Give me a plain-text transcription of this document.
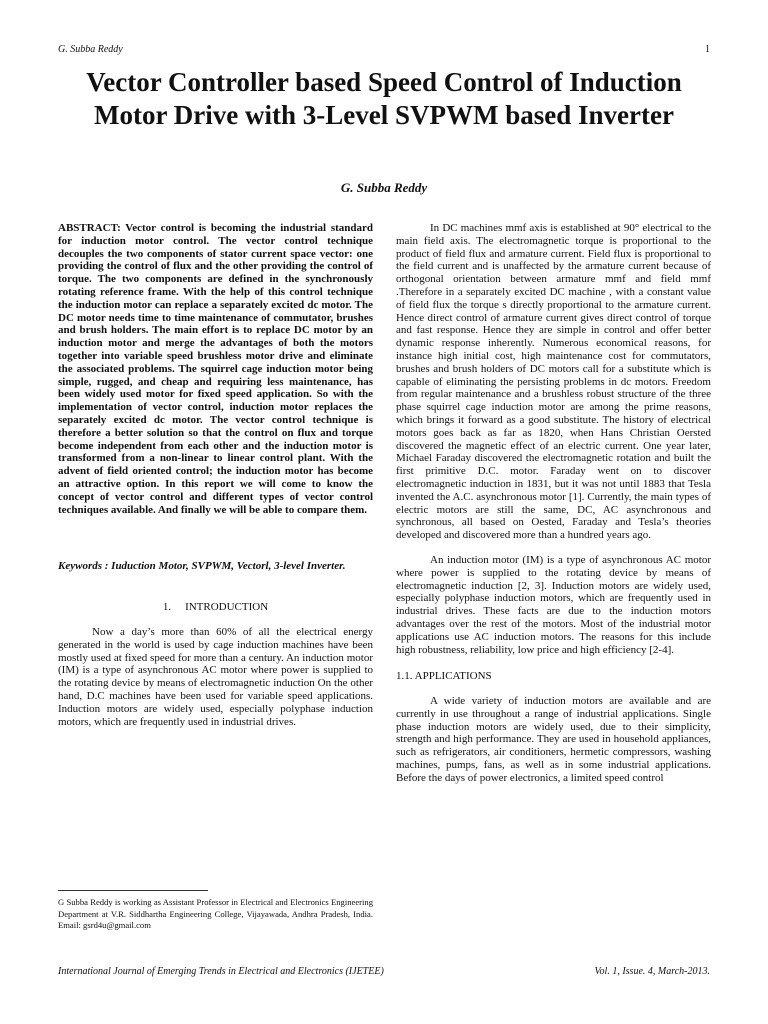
G. Subba Reddy	1
Vector Controller based Speed Control of Induction Motor Drive with 3-Level SVPWM based Inverter

G. Subba Reddy

ABSTRACT: Vector control is becoming the industrial standard for induction motor control. The vector control technique decouples the two components of stator current space vector: one providing the control of flux and the other providing the control of torque. The two components are defined in the synchronously rotating reference frame. With the help of this control technique the induction motor can replace a separately excited dc motor. The DC motor needs time to time maintenance of commutator, brushes and brush holders. The main effort is to replace DC motor by an induction motor and merge the advantages of both the motors together into variable speed brushless motor drive and eliminate the associated problems. The squirrel cage induction motor being simple, rugged, and cheap and requiring less maintenance, has been widely used motor for fixed speed application. So with the implementation of vector control, induction motor replaces the separately excited dc motor. The vector control technique is therefore a better solution so that the control on flux and torque become independent from each other and the induction motor is transformed from a non-linear to linear control plant. With the advent of field oriented control; the induction motor has become an attractive option. In this report we will come to know the concept of vector control and different types of vector control techniques available. And finally we will be able to compare them.

Keywords : Iuduction Motor, SVPWM, Vectorl, 3-level Inverter.

1. INTRODUCTION

Now a day’s more than 60% of all the electrical energy generated in the world is used by cage induction machines have been mostly used at fixed speed for more than a century. An induction motor (IM) is a type of asynchronous AC motor where power is supplied to the rotating device by means of electromagnetic induction On the other hand, D.C machines have been used for variable speed applications. Induction motors are widely used, especially polyphase induction motors, which are frequently used in industrial drives.

In DC machines mmf axis is established at 90° electrical to the main field axis. The electromagnetic torque is proportional to the product of field flux and armature current. Field flux is proportional to the field current and is unaffected by the armature current because of orthogonal orientation between armature mmf and field mmf .Therefore in a separately excited DC machine , with a constant value of field flux the torque s directly proportional to the armature current. Hence direct control of armature current gives direct control of torque and fast response. Hence they are simple in control and offer better dynamic response inherently. Numerous economical reasons, for instance high initial cost, high maintenance cost for commutators, brushes and brush holders of DC motors call for a substitute which is capable of eliminating the persisting problems in dc motors. Freedom from regular maintenance and a brushless robust structure of the three phase squirrel cage induction motor are among the prime reasons, which brings it forward as a good substitute. The history of electrical motors goes back as far as 1820, when Hans Christian Oersted discovered the magnetic effect of an electric current. One year later, Michael Faraday discovered the electromagnetic rotation and built the first primitive D.C. motor. Faraday went on to discover electromagnetic induction in 1831, but it was not until 1883 that Tesla invented the A.C. asynchronous motor [1]. Currently, the main types of electric motors are still the same, DC, AC asynchronous and synchronous, all based on Oested, Faraday and Tesla’s theories developed and discovered more than a hundred years ago.

An induction motor (IM) is a type of asynchronous AC motor where power is supplied to the rotating device by means of electromagnetic induction [2, 3]. Induction motors are widely used, especially polyphase induction motors, which are frequently used in industrial drives. These facts are due to the induction motors advantages over the rest of the motors. Most of the industrial motor applications use AC induction motors. The reasons for this include high robustness, reliability, low price and high efficiency [2-4].

1.1. APPLICATIONS

A wide variety of induction motors are available and are currently in use throughout a range of industrial applications. Single phase induction motors are widely used, due to their simplicity, strength and high performance. They are used in household appliances, such as refrigerators, air conditioners, hermetic compressors, washing machines, pumps, fans, as well as in some industrial applications. Before the days of power electronics, a limited speed control

G Subba Reddy is working as Assistant Professor in Electrical and Electronics Engineering Department at V.R. Siddhartha Engineering College, Vijayawada, Andhra Pradesh, India. Email: gsrd4u@gmail.com

International Journal of Emerging Trends in Electrical and Electronics (IJETEE)	Vol. 1, Issue. 4, March-2013.
